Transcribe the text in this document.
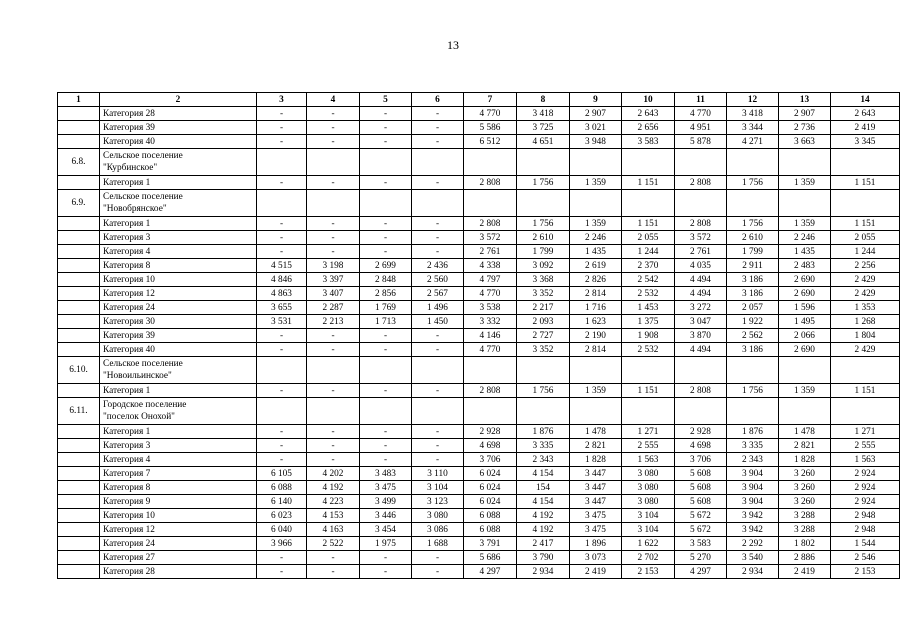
13
1	2	3	4	5	6	7	8	9	10	11	12	13	14
	Категория 28	-	-	-	-	4 770	3 418	2 907	2 643	4 770	3 418	2 907	2 643
	Категория 39	-	-	-	-	5 586	3 725	3 021	2 656	4 951	3 344	2 736	2 419
	Категория 40	-	-	-	-	6 512	4 651	3 948	3 583	5 878	4 271	3 663	3 345
6.8.	Сельское поселение
"Курбинское"												
	Категория 1	-	-	-	-	2 808	1 756	1 359	1 151	2 808	1 756	1 359	1 151
6.9.	Сельское поселение
"Новобрянское"												
	Категория 1	-	-	-	-	2 808	1 756	1 359	1 151	2 808	1 756	1 359	1 151
	Категория 3	-	-	-	-	3 572	2 610	2 246	2 055	3 572	2 610	2 246	2 055
	Категория 4	-	-	-	-	2 761	1 799	1 435	1 244	2 761	1 799	1 435	1 244
	Категория 8	4 515	3 198	2 699	2 436	4 338	3 092	2 619	2 370	4 035	2 911	2 483	2 256
	Категория 10	4 846	3 397	2 848	2 560	4 797	3 368	2 826	2 542	4 494	3 186	2 690	2 429
	Категория 12	4 863	3 407	2 856	2 567	4 770	3 352	2 814	2 532	4 494	3 186	2 690	2 429
	Категория 24	3 655	2 287	1 769	1 496	3 538	2 217	1 716	1 453	3 272	2 057	1 596	1 353
	Категория 30	3 531	2 213	1 713	1 450	3 332	2 093	1 623	1 375	3 047	1 922	1 495	1 268
	Категория 39	-	-	-	-	4 146	2 727	2 190	1 908	3 870	2 562	2 066	1 804
	Категория 40	-	-	-	-	4 770	3 352	2 814	2 532	4 494	3 186	2 690	2 429
6.10.	Сельское поселение
"Новоильинское"												
	Категория 1	-	-	-	-	2 808	1 756	1 359	1 151	2 808	1 756	1 359	1 151
6.11.	Городское поселение
"поселок Онохой"												
	Категория 1	-	-	-	-	2 928	1 876	1 478	1 271	2 928	1 876	1 478	1 271
	Категория 3	-	-	-	-	4 698	3 335	2 821	2 555	4 698	3 335	2 821	2 555
	Категория 4	-	-	-	-	3 706	2 343	1 828	1 563	3 706	2 343	1 828	1 563
	Категория 7	6 105	4 202	3 483	3 110	6 024	4 154	3 447	3 080	5 608	3 904	3 260	2 924
	Категория 8	6 088	4 192	3 475	3 104	6 024	154	3 447	3 080	5 608	3 904	3 260	2 924
	Категория 9	6 140	4 223	3 499	3 123	6 024	4 154	3 447	3 080	5 608	3 904	3 260	2 924
	Категория 10	6 023	4 153	3 446	3 080	6 088	4 192	3 475	3 104	5 672	3 942	3 288	2 948
	Категория 12	6 040	4 163	3 454	3 086	6 088	4 192	3 475	3 104	5 672	3 942	3 288	2 948
	Категория 24	3 966	2 522	1 975	1 688	3 791	2 417	1 896	1 622	3 583	2 292	1 802	1 544
	Категория 27	-	-	-	-	5 686	3 790	3 073	2 702	5 270	3 540	2 886	2 546
	Категория 28	-	-	-	-	4 297	2 934	2 419	2 153	4 297	2 934	2 419	2 153
